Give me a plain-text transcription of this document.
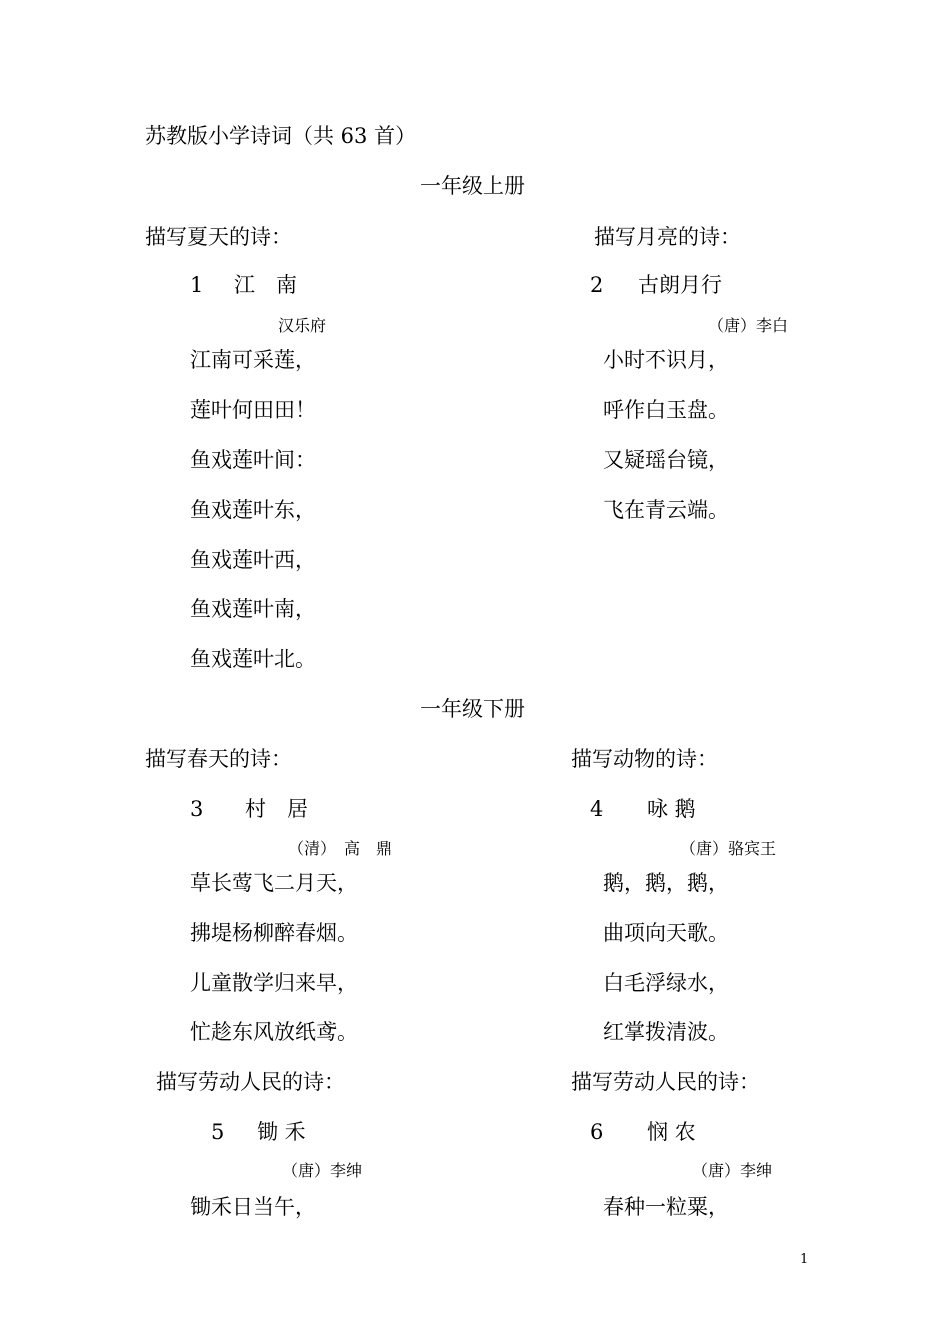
苏教版小学诗词（共 63 首）
一年级上册
描写夏天的诗：
1 江　南
汉乐府
江南可采莲，
莲叶何田田！
鱼戏莲叶间：
鱼戏莲叶东，
鱼戏莲叶西，
鱼戏莲叶南，
鱼戏莲叶北。
描写月亮的诗：
2 古朗月行
（唐）李白
小时不识月，
呼作白玉盘。
又疑瑶台镜，
飞在青云端。
一年级下册
描写春天的诗：
3 村　居
（清）　高　鼎
草长莺飞二月天，
拂堤杨柳醉春烟。
儿童散学归来早，
忙趁东风放纸鸢。
描写动物的诗：
4 咏 鹅
（唐）骆宾王
鹅，鹅，鹅，
曲项向天歌。
白毛浮绿水，
红掌拨清波。
描写劳动人民的诗：
5 锄 禾
（唐）李绅
锄禾日当午，
描写劳动人民的诗：
6 悯 农
（唐）李绅
春种一粒粟，
1
